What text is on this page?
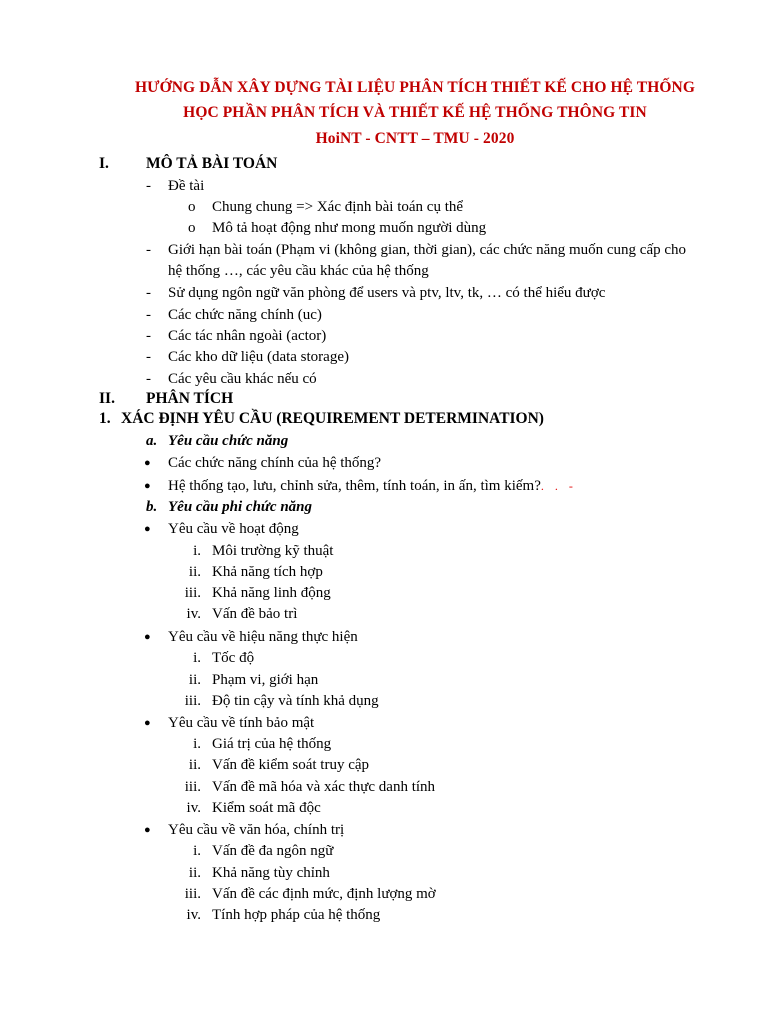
HƯỚNG DẪN XÂY DỰNG TÀI LIỆU PHÂN TÍCH THIẾT KẾ CHO HỆ THỐNG
HỌC PHẦN PHÂN TÍCH VÀ THIẾT KẾ HỆ THỐNG THÔNG TIN
HoiNT - CNTT – TMU - 2020
I. MÔ TẢ BÀI TOÁN
- Đề tài
o Chung chung => Xác định bài toán cụ thể
o Mô tả hoạt động như mong muốn người dùng
- Giới hạn bài toán (Phạm vi (không gian, thời gian), các chức năng muốn cung cấp cho
hệ thống …, các yêu cầu khác của hệ thống
- Sử dụng ngôn ngữ văn phòng để users và ptv, ltv, tk, … có thể hiểu được
- Các chức năng chính (uc)
- Các tác nhân ngoài (actor)
- Các kho dữ liệu (data storage)
- Các yêu cầu khác nếu có
II. PHÂN TÍCH
1. XÁC ĐỊNH YÊU CẦU (REQUIREMENT DETERMINATION)
a. Yêu cầu chức năng
● Các chức năng chính của hệ thống?
● Hệ thống tạo, lưu, chỉnh sửa, thêm, tính toán, in ấn, tìm kiếm?. . -
b. Yêu cầu phi chức năng
● Yêu cầu về hoạt động
i. Môi trường kỹ thuật
ii. Khả năng tích hợp
iii. Khả năng linh động
iv. Vấn đề bảo trì
● Yêu cầu về hiệu năng thực hiện
i. Tốc độ
ii. Phạm vi, giới hạn
iii. Độ tin cậy và tính khả dụng
● Yêu cầu về tính bảo mật
i. Giá trị của hệ thống
ii. Vấn đề kiểm soát truy cập
iii. Vấn đề mã hóa và xác thực danh tính
iv. Kiểm soát mã độc
● Yêu cầu về văn hóa, chính trị
i. Vấn đề đa ngôn ngữ
ii. Khả năng tùy chỉnh
iii. Vấn đề các định mức, định lượng mờ
iv. Tính hợp pháp của hệ thống
